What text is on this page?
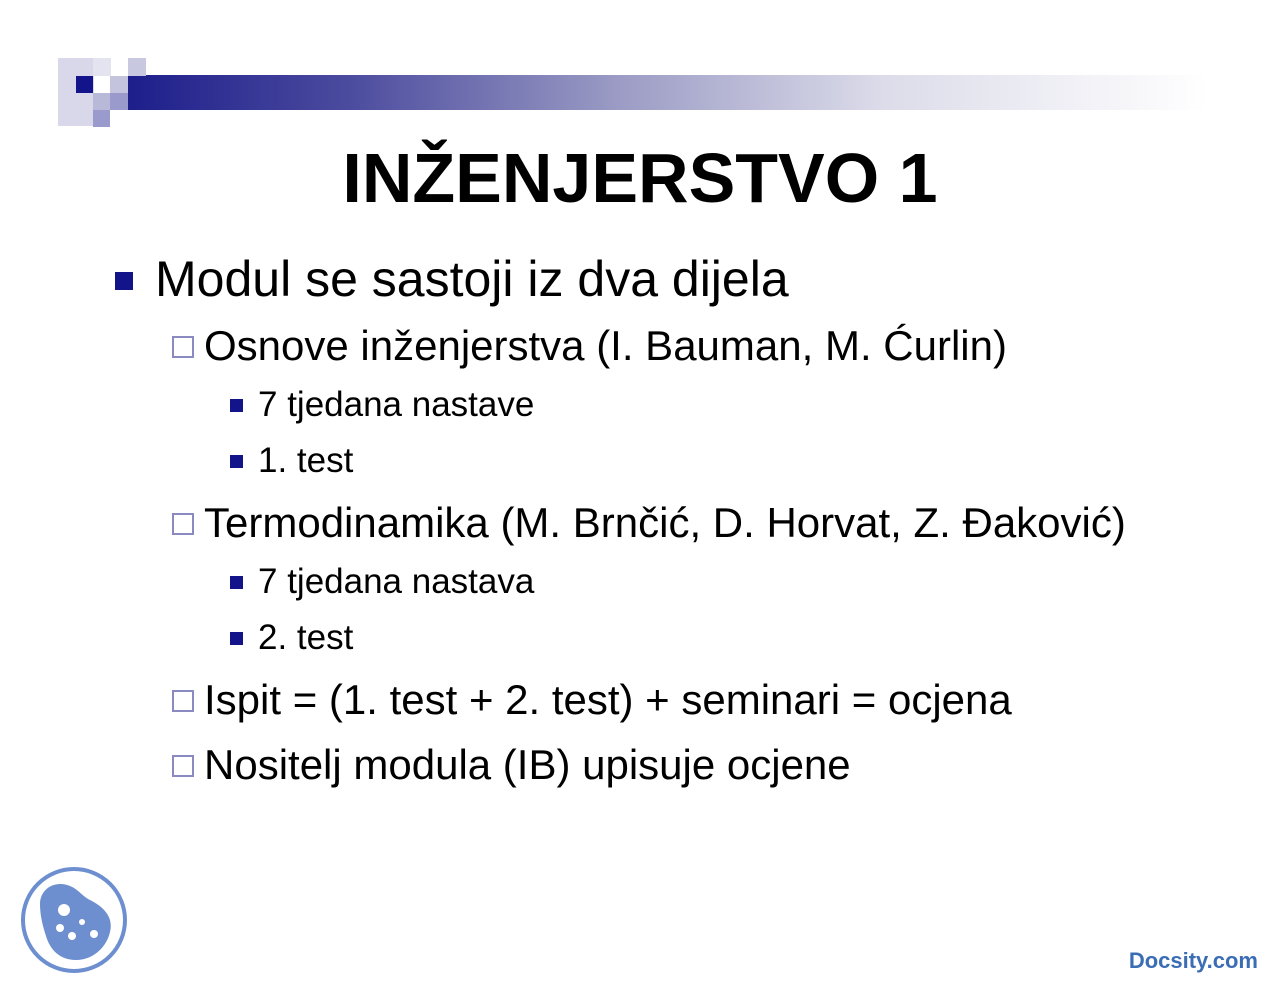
INŽENJERSTVO 1
Modul se sastoji iz dva dijela
Osnove inženjerstva (I. Bauman, M. Ćurlin)
7 tjedana nastave
1. test
Termodinamika (M. Brnčić, D. Horvat, Z. Đaković)
7 tjedana nastava
2. test
Ispit = (1. test + 2. test) + seminari = ocjena
Nositelj modula (IB) upisuje ocjene
Docsity.com
